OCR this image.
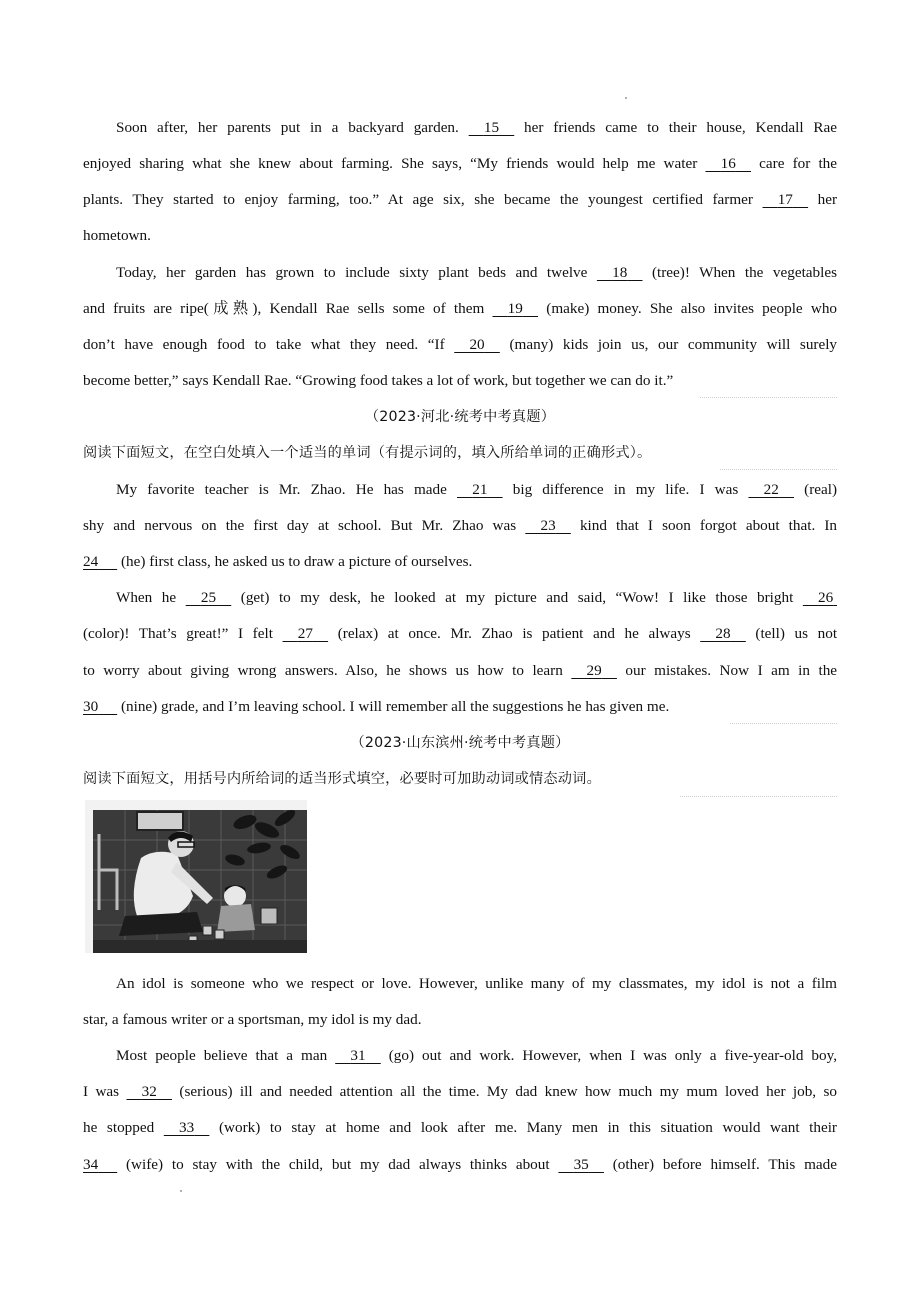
Soon after, her parents put in a backyard garden. 15 her friends came to their house, Kendall Rae
enjoyed sharing what she knew about farming. She says, “My friends would help me water 16 care for the
plants. They started to enjoy farming, too.” At age six, she became the youngest certified farmer 17 her
hometown.
Today, her garden has grown to include sixty plant beds and twelve 18 (tree)! When the vegetables
and fruits are ripe(成熟), Kendall Rae sells some of them 19 (make) money. She also invites people who
don’t have enough food to take what they need. “If 20 (many) kids join us, our community will surely
become better,” says Kendall Rae. “Growing food takes a lot of work, but together we can do it.”
（2023·河北·统考中考真题）
阅读下面短文，在空白处填入一个适当的单词（有提示词的，填入所给单词的正确形式）。
My favorite teacher is Mr. Zhao. He has made 21 big difference in my life. I was 22 (real)
shy and nervous on the first day at school. But Mr. Zhao was 23 kind that I soon forgot about that. In
24 (he) first class, he asked us to draw a picture of ourselves.
When he 25 (get) to my desk, he looked at my picture and said, “Wow! I like those bright 26
(color)! That’s great!” I felt 27 (relax) at once. Mr. Zhao is patient and he always 28 (tell) us not
to worry about giving wrong answers. Also, he shows us how to learn 29 our mistakes. Now I am in the
30 (nine) grade, and I’m leaving school. I will remember all the suggestions he has given me.
（2023·山东滨州·统考中考真题）
阅读下面短文，用括号内所给词的适当形式填空，必要时可加助动词或情态动词。
An idol is someone who we respect or love. However, unlike many of my classmates, my idol is not a film
star, a famous writer or a sportsman, my idol is my dad.
Most people believe that a man 31 (go) out and work. However, when I was only a five-year-old boy,
I was 32 (serious) ill and needed attention all the time. My dad knew how much my mum loved her job, so
he stopped 33 (work) to stay at home and look after me. Many men in this situation would want their
34 (wife) to stay with the child, but my dad always thinks about 35 (other) before himself. This made
